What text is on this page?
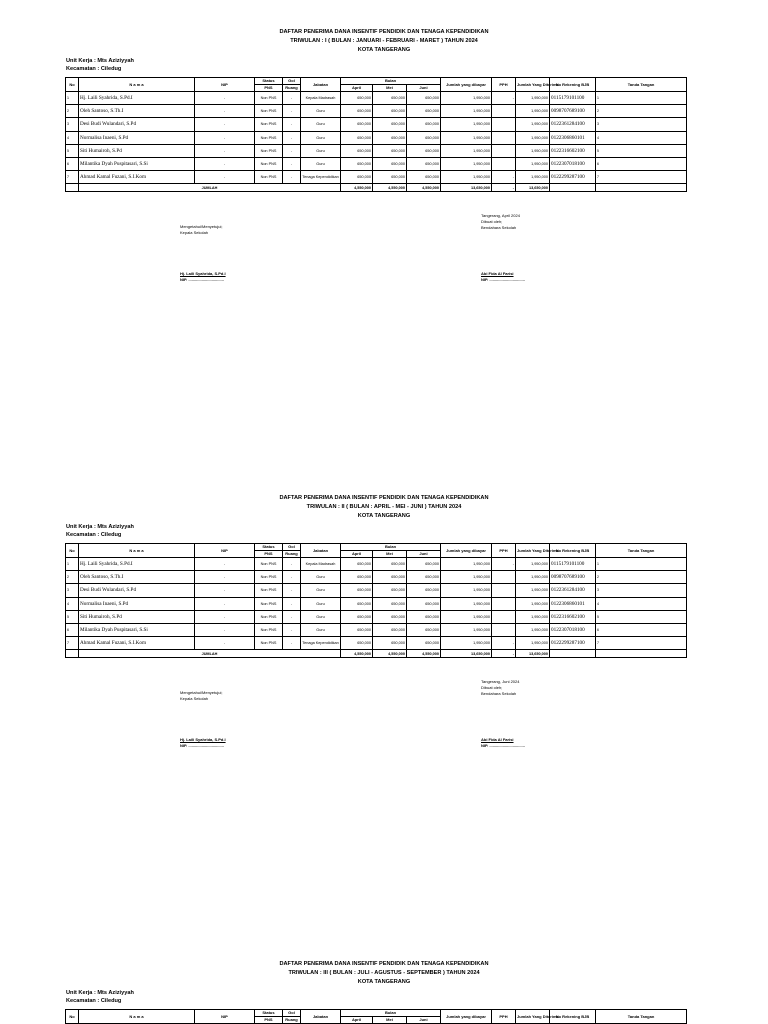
DAFTAR PENERIMA DANA INSENTIF PENDIDIK DAN TENAGA KEPENDIDIKAN
TRIWULAN : I ( BULAN : JANUARI - FEBRUARI - MARET ) TAHUN 2024
KOTA TANGERANG
Unit Kerja : Mts Aziziyyah
Kecamatan : Ciledug
No	N a m a	NIP	Status	Gol	Jabatan	Bulan			Jumlah yang dibayar	PPH	Jumlah Yang Diterima	No Rekening BJB	Tanda Tangan
			PNS	Ruang		April	Mei	Juni					
1	Hj. Laili Syahrida, S.Pd.I	-	Non PNS	-	Kepala Madrasah	650,000	650,000	650,000	1,950,000	-	1,950,000	0115179101100	1
2	Oleh Santoso, S.Th.I	-	Non PNS	-	Guru	650,000	650,000	650,000	1,950,000		1,950,000	0098707689100	2
3	Desi Budi Wulandari, S.Pd	-	Non PNS	-	Guru	650,000	650,000	650,000	1,950,000		1,950,000	0122361284100	3
4	Normalisa Inaeni, S.Pd	-	Non PNS	-	Guru	650,000	650,000	650,000	1,950,000		1,950,000	0122306860101	4
5	Siti Humairoh, S.Pd	-	Non PNS	-	Guru	650,000	650,000	650,000	1,950,000		1,950,000	0122316602100	5
6	Milantika Dyah Puspitasari, S.Si	-	Non PNS	-	Guru	650,000	650,000	650,000	1,950,000		1,950,000	0122307018100	6
7	Ahmad Kamal Fuzani, S.I.Kom	-	Non PNS	-	Tenaga Kependidikan	650,000	650,000	650,000	1,950,000	-	1,950,000	0122299287100	7
	JUMLAH					4,550,000	4,550,000	4,550,000	13,650,000	-	13,650,000		
Mengetahui/Menyetujui;
Kepala Sekolah
Hj. Laili Syahrida, S.Pd.I
NIP. ................................
Tangerang, April 2024
Dibuat oleh;
Bendahara Sekolah
Abi Fida Al Farisi
NIP. ................................
DAFTAR PENERIMA DANA INSENTIF PENDIDIK DAN TENAGA KEPENDIDIKAN
TRIWULAN : II ( BULAN : APRIL - MEI - JUNI ) TAHUN 2024
KOTA TANGERANG
Unit Kerja : Mts Aziziyyah
Kecamatan : Ciledug
No	N a m a	NIP	Status	Gol	Jabatan	Bulan			Jumlah yang dibayar	PPH	Jumlah Yang Diterima	No Rekening BJB	Tanda Tangan
			PNS	Ruang		April	Mei	Juni					
1	Hj. Laili Syahrida, S.Pd.I	-	Non PNS	-	Kepala Madrasah	650,000	650,000	650,000	1,950,000	-	1,950,000	0115179101100	1
2	Oleh Santoso, S.Th.I	-	Non PNS	-	Guru	650,000	650,000	650,000	1,950,000		1,950,000	0098707689100	2
3	Desi Budi Wulandari, S.Pd	-	Non PNS	-	Guru	650,000	650,000	650,000	1,950,000		1,950,000	0122361284100	3
4	Normalisa Inaeni, S.Pd	-	Non PNS	-	Guru	650,000	650,000	650,000	1,950,000		1,950,000	0122306860101	4
5	Siti Humairoh, S.Pd	-	Non PNS	-	Guru	650,000	650,000	650,000	1,950,000		1,950,000	0122316602100	5
6	Milantika Dyah Puspitasari, S.Si	-	Non PNS	-	Guru	650,000	650,000	650,000	1,950,000		1,950,000	0122307018100	6
7	Ahmad Kamal Fuzani, S.I.Kom	-	Non PNS	-	Tenaga Kependidikan	650,000	650,000	650,000	1,950,000	-	1,950,000	0122299287100	7
	JUMLAH					4,550,000	4,550,000	4,550,000	13,650,000	-	13,650,000		
Mengetahui/Menyetujui;
Kepala Sekolah
Hj. Laili Syahrida, S.Pd.I
NIP. ................................
Tangerang, Juni 2024
Dibuat oleh;
Bendahara Sekolah
Abi Fida Al Farisi
NIP. ................................
DAFTAR PENERIMA DANA INSENTIF PENDIDIK DAN TENAGA KEPENDIDIKAN
TRIWULAN : III ( BULAN : JULI - AGUSTUS - SEPTEMBER ) TAHUN 2024
KOTA TANGERANG
Unit Kerja : Mts Aziziyyah
Kecamatan : Ciledug
No	N a m a	NIP	Status	Gol	Jabatan	Bulan			Jumlah yang dibayar	PPH	Jumlah Yang Diterima	No Rekening BJB	Tanda Tangan
			PNS	Ruang		April	Mei	Juni					
